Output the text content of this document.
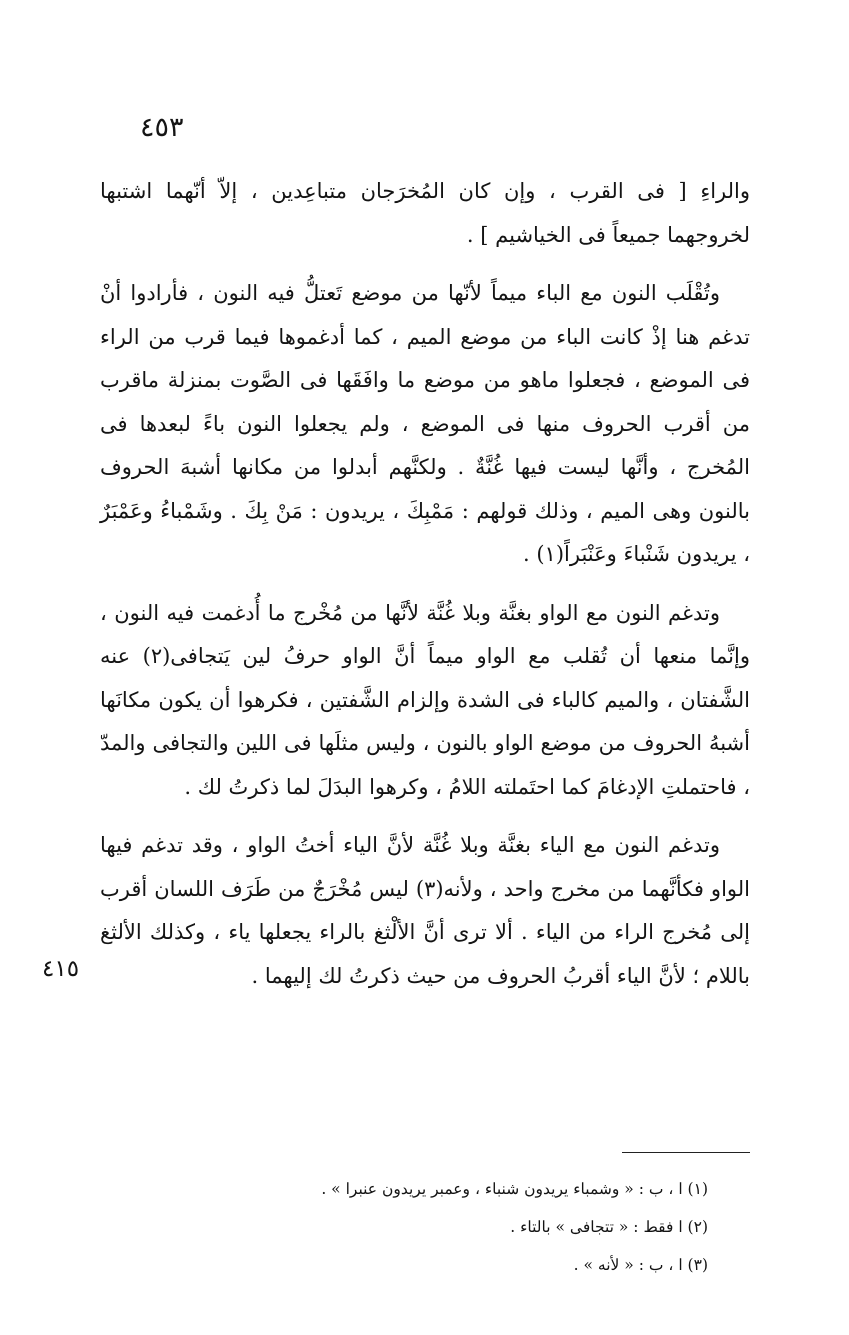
٤٥٣

والراءِ [ فى القرب ، وإن كان المُخرَجان متباعِدين ، إلاّ أنّهما اشتبها لخروجهما جميعاً فى الخياشيم ] .

وتُقْلَب النون مع الباء ميماً لأنّها من موضع تَعتلُّ فيه النون ، فأرادوا أنْ تدغم هنا إذْ كانت الباء من موضع الميم ، كما أدغموها فيما قرب من الراء فى الموضع ، فجعلوا ماهو من موضع ما وافَقَها فى الصَّوت بمنزلة ماقرب من أقرب الحروف منها فى الموضع ، ولم يجعلوا النون باءً لبعدها فى المُخرج ، وأنَّها ليست فيها غُنَّةٌ . ولكنَّهم أبدلوا من مكانها أشبهَ الحروف بالنون وهى الميم ، وذلك قولهم : مَمْبِكَ ، يريدون : مَنْ بِكَ . وشَمْباءُ وعَمْبَرٌ ، يريدون شَنْباءَ وعَنْبَراً(١) .

وتدغم النون مع الواو بغنَّة وبلا غُنَّة لأنَّها من مُخْرج ما أُدغمت فيه النون ، وإنَّما منعها أن تُقلب مع الواو ميماً أنَّ الواو حرفُ لين يَتجافى(٢) عنه الشَّفتان ، والميم كالباء فى الشدة وإلزام الشَّفتين ، فكرهوا أن يكون مكانَها أشبهُ الحروف من موضع الواو بالنون ، وليس مثلَها فى اللين والتجافى والمدّ ، فاحتملتِ الإدغامَ كما احتَملته اللامُ ، وكرهوا البدَلَ لما ذكرتُ لك .

وتدغم النون مع الياء بغنَّة وبلا غُنَّة لأنَّ الياء أختُ الواو ، وقد تدغم فيها الواو فكأنَّهما من مخرج واحد ، ولأنه(٣) ليس مُخْرَجٌ من طَرَف اللسان أقرب إلى مُخرج الراء من الياء . ألا ترى أنَّ الألْثغ بالراء يجعلها ياء ، وكذلك الألثغ باللام ؛ لأنَّ الياء أقربُ الحروف من حيث ذكرتُ لك إليهما .

٤١٥
(١) ا ، ب : « وشمباء يريدون شنباء ، وعمبر يريدون عنبرا » .
(٢) ا فقط : « تتجافى » بالتاء .
(٣) ا ، ب : « لأنه » .
